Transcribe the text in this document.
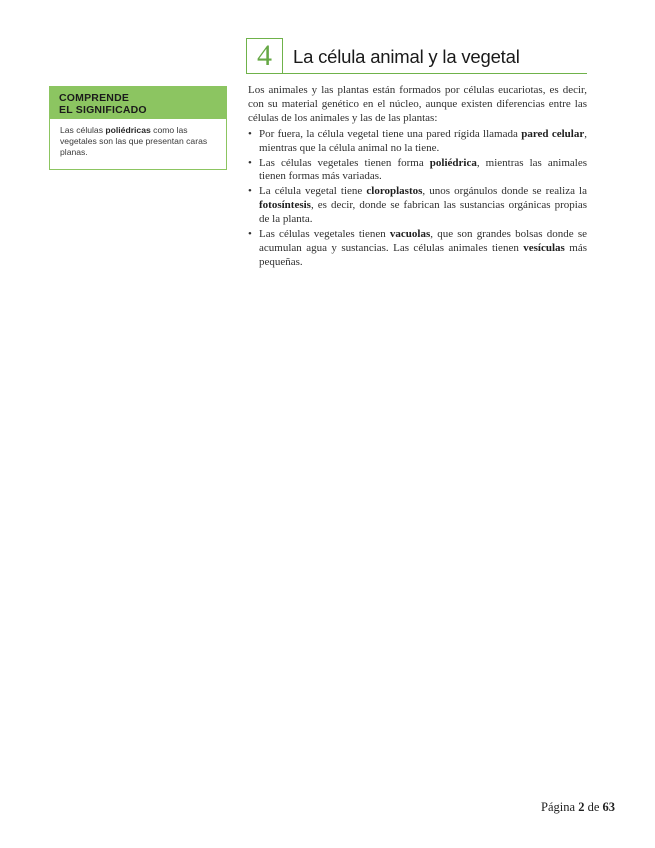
COMPRENDE
EL SIGNIFICADO

Las células poliédricas como las vegetales son las que presentan caras planas.
4	La célula animal y la vegetal

Los animales y las plantas están formados por células eucariotas, es decir, con su material genético en el núcleo, aunque existen diferencias entre las células de los animales y las de las plantas:

• Por fuera, la célula vegetal tiene una pared rígida llamada pared celular, mientras que la célula animal no la tiene.
• Las células vegetales tienen forma poliédrica, mientras las animales tienen formas más variadas.
• La célula vegetal tiene cloroplastos, unos orgánulos donde se realiza la fotosíntesis, es decir, donde se fabrican las sustancias orgánicas propias de la planta.
• Las células vegetales tienen vacuolas, que son grandes bolsas donde se acumulan agua y sustancias. Las células animales tienen vesículas más pequeñas.
Página 2 de 63
